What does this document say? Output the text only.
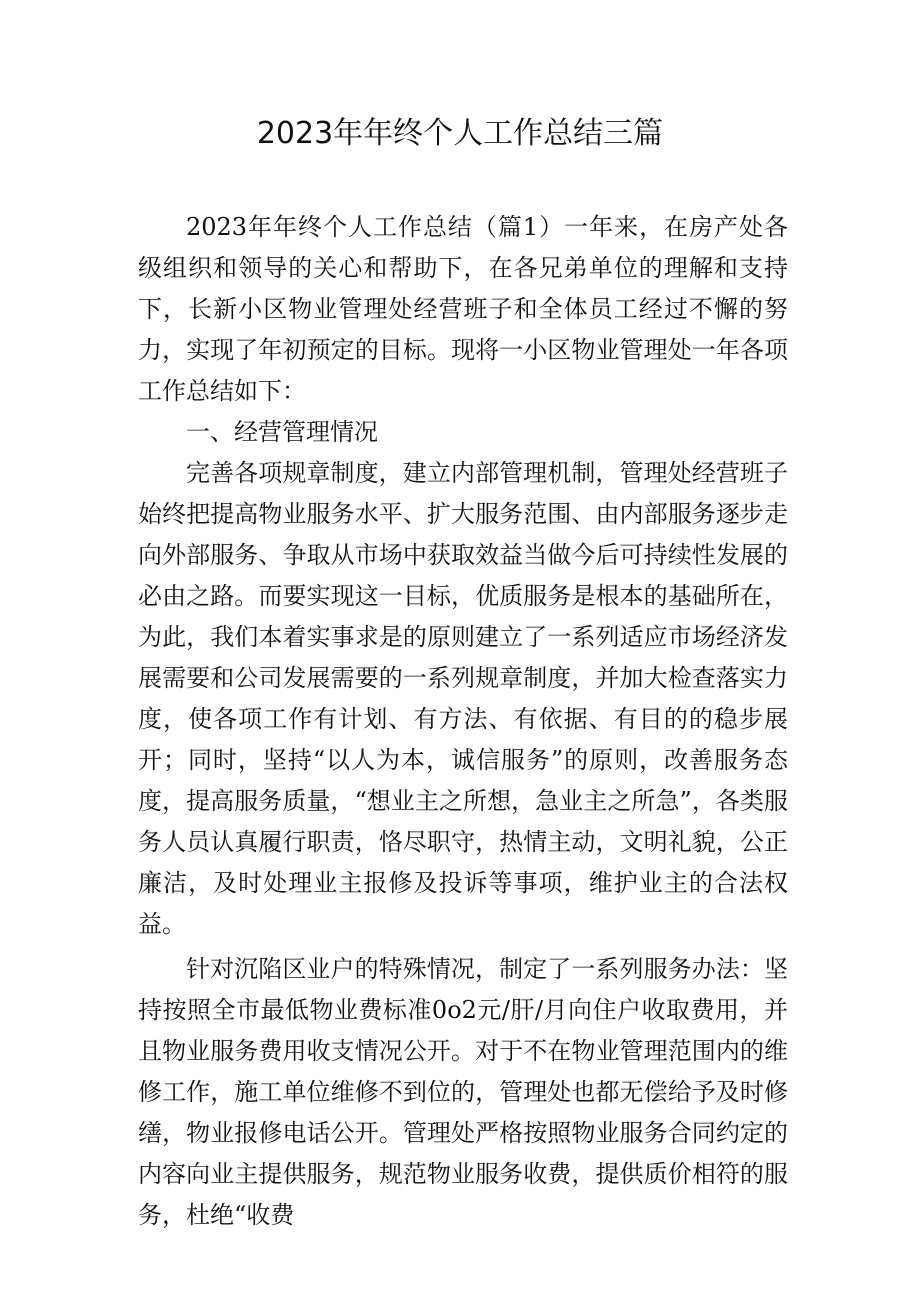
2023年年终个人工作总结三篇

2023年年终个人工作总结（篇1）一年来，在房产处各级组织和领导的关心和帮助下，在各兄弟单位的理解和支持下，长新小区物业管理处经营班子和全体员工经过不懈的努力，实现了年初预定的目标。现将一小区物业管理处一年各项工作总结如下：

一、经营管理情况

完善各项规章制度，建立内部管理机制，管理处经营班子始终把提高物业服务水平、扩大服务范围、由内部服务逐步走向外部服务、争取从市场中获取效益当做今后可持续性发展的必由之路。而要实现这一目标，优质服务是根本的基础所在，为此，我们本着实事求是的原则建立了一系列适应市场经济发展需要和公司发展需要的一系列规章制度，并加大检查落实力度，使各项工作有计划、有方法、有依据、有目的的稳步展开；同时，坚持“以人为本，诚信服务”的原则，改善服务态度，提高服务质量，“想业主之所想，急业主之所急”，各类服务人员认真履行职责，恪尽职守，热情主动，文明礼貌，公正廉洁，及时处理业主报修及投诉等事项，维护业主的合法权益。

针对沉陷区业户的特殊情况，制定了一系列服务办法：坚持按照全市最低物业费标准0o2元/肝/月向住户收取费用，并且物业服务费用收支情况公开。对于不在物业管理范围内的维修工作，施工单位维修不到位的，管理处也都无偿给予及时修缮，物业报修电话公开。管理处严格按照物业服务合同约定的内容向业主提供服务，规范物业服务收费，提供质价相符的服务，杜绝“收费
